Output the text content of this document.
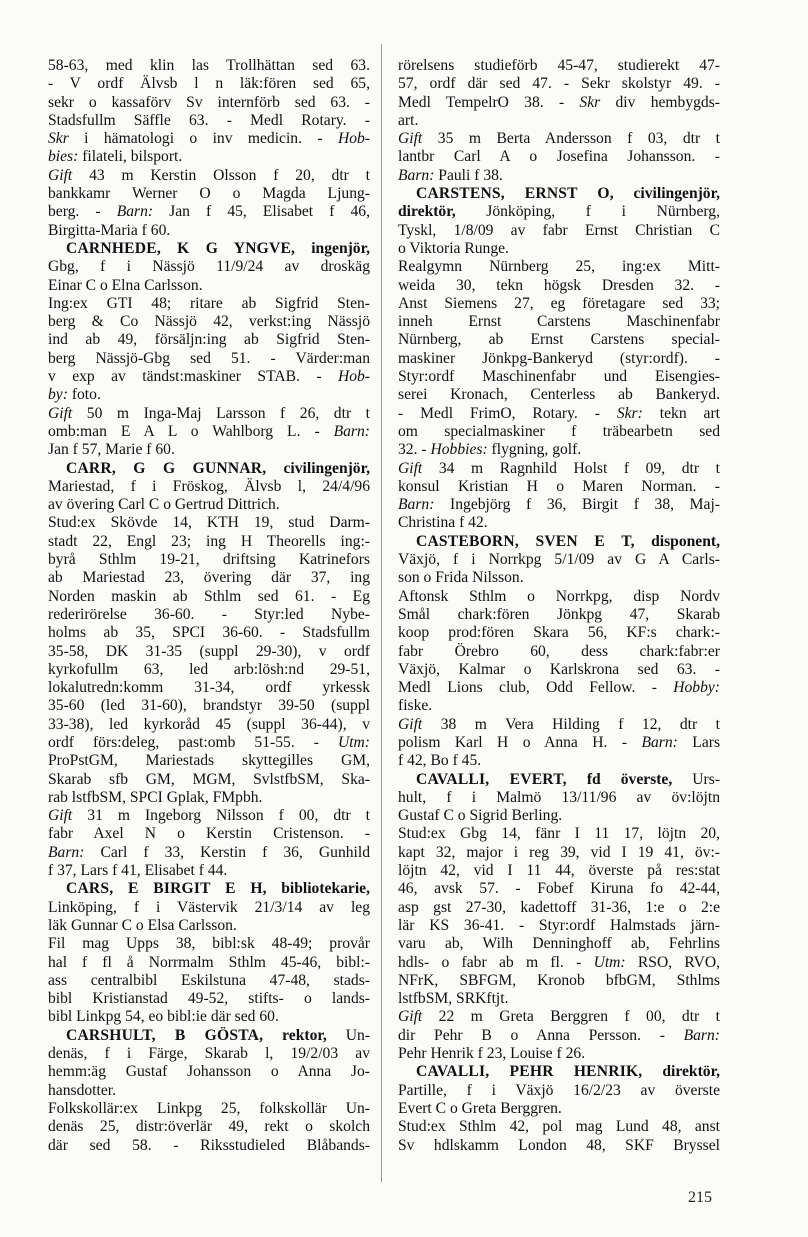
58-63, med klin las Trollhättan sed 63.
- V ordf Älvsb l n läk:fören sed 65,
sekr o kassaförv Sv internförb sed 63. -
Stadsfullm Säffle 63. - Medl Rotary. -
Skr i hämatologi o inv medicin. - Hob-
bies: filateli, bilsport.
Gift 43 m Kerstin Olsson f 20, dtr t
bankkamr Werner O o Magda Ljung-
berg. - Barn: Jan f 45, Elisabet f 46,
Birgitta-Maria f 60.
CARNHEDE, K G YNGVE, ingenjör,
Gbg, f i Nässjö 11/9/24 av droskäg
Einar C o Elna Carlsson.
Ing:ex GTI 48; ritare ab Sigfrid Sten-
berg & Co Nässjö 42, verkst:ing Nässjö
ind ab 49, försäljn:ing ab Sigfrid Sten-
berg Nässjö-Gbg sed 51. - Värder:man
v exp av tändst:maskiner STAB. - Hob-
by: foto.
Gift 50 m Inga-Maj Larsson f 26, dtr t
omb:man E A L o Wahlborg L. - Barn:
Jan f 57, Marie f 60.
CARR, G G GUNNAR, civilingenjör,
Mariestad, f i Fröskog, Älvsb l, 24/4/96
av övering Carl C o Gertrud Dittrich.
Stud:ex Skövde 14, KTH 19, stud Darm-
stadt 22, Engl 23; ing H Theorells ing:-
byrå Sthlm 19-21, driftsing Katrinefors
ab Mariestad 23, övering där 37, ing
Norden maskin ab Sthlm sed 61. - Eg
rederirörelse 36-60. - Styr:led Nybe-
holms ab 35, SPCI 36-60. - Stadsfullm
35-58, DK 31-35 (suppl 29-30), v ordf
kyrkofullm 63, led arb:lösh:nd 29-51,
lokalutredn:komm 31-34, ordf yrkessk
35-60 (led 31-60), brandstyr 39-50 (suppl
33-38), led kyrkoråd 45 (suppl 36-44), v
ordf förs:deleg, past:omb 51-55. - Utm:
ProPstGM, Mariestads skyttegilles GM,
Skarab sfb GM, MGM, SvlstfbSM, Ska-
rab lstfbSM, SPCI Gplak, FMpbh.
Gift 31 m Ingeborg Nilsson f 00, dtr t
fabr Axel N o Kerstin Cristenson. -
Barn: Carl f 33, Kerstin f 36, Gunhild
f 37, Lars f 41, Elisabet f 44.
CARS, E BIRGIT E H, bibliotekarie,
Linköping, f i Västervik 21/3/14 av leg
läk Gunnar C o Elsa Carlsson.
Fil mag Upps 38, bibl:sk 48-49; provår
hal f fl å Norrmalm Sthlm 45-46, bibl:-
ass centralbibl Eskilstuna 47-48, stads-
bibl Kristianstad 49-52, stifts- o lands-
bibl Linkpg 54, eo bibl:ie där sed 60.
CARSHULT, B GÖSTA, rektor, Un-
denäs, f i Färge, Skarab l, 19/2/03 av
hemm:äg Gustaf Johansson o Anna Jo-
hansdotter.
Folkskollär:ex Linkpg 25, folkskollär Un-
denäs 25, distr:överlär 49, rekt o skolch
där sed 58. - Riksstudieled Blåbands-
rörelsens studieförb 45-47, studierekt 47-
57, ordf där sed 47. - Sekr skolstyr 49. -
Medl TempelrO 38. - Skr div hembygds-
art.
Gift 35 m Berta Andersson f 03, dtr t
lantbr Carl A o Josefina Johansson. -
Barn: Pauli f 38.
CARSTENS, ERNST O, civilingenjör,
direktör, Jönköping, f i Nürnberg,
Tyskl, 1/8/09 av fabr Ernst Christian C
o Viktoria Runge.
Realgymn Nürnberg 25, ing:ex Mitt-
weida 30, tekn högsk Dresden 32. -
Anst Siemens 27, eg företagare sed 33;
inneh Ernst Carstens Maschinenfabr
Nürnberg, ab Ernst Carstens special-
maskiner Jönkpg-Bankeryd (styr:ordf). -
Styr:ordf Maschinenfabr und Eisengies-
serei Kronach, Centerless ab Bankeryd.
- Medl FrimO, Rotary. - Skr: tekn art
om specialmaskiner f träbearbetn sed
32. - Hobbies: flygning, golf.
Gift 34 m Ragnhild Holst f 09, dtr t
konsul Kristian H o Maren Norman. -
Barn: Ingebjörg f 36, Birgit f 38, Maj-
Christina f 42.
CASTEBORN, SVEN E T, disponent,
Växjö, f i Norrkpg 5/1/09 av G A Carls-
son o Frida Nilsson.
Aftonsk Sthlm o Norrkpg, disp Nordv
Smål chark:fören Jönkpg 47, Skarab
koop prod:fören Skara 56, KF:s chark:-
fabr Örebro 60, dess chark:fabr:er
Växjö, Kalmar o Karlskrona sed 63. -
Medl Lions club, Odd Fellow. - Hobby:
fiske.
Gift 38 m Vera Hilding f 12, dtr t
polism Karl H o Anna H. - Barn: Lars
f 42, Bo f 45.
CAVALLI, EVERT, fd överste, Urs-
hult, f i Malmö 13/11/96 av öv:löjtn
Gustaf C o Sigrid Berling.
Stud:ex Gbg 14, fänr I 11 17, löjtn 20,
kapt 32, major i reg 39, vid I 19 41, öv:-
löjtn 42, vid I 11 44, överste på res:stat
46, avsk 57. - Fobef Kiruna fo 42-44,
asp gst 27-30, kadettoff 31-36, 1:e o 2:e
lär KS 36-41. - Styr:ordf Halmstads järn-
varu ab, Wilh Denninghoff ab, Fehrlins
hdls- o fabr ab m fl. - Utm: RSO, RVO,
NFrK, SBFGM, Kronob bfbGM, Sthlms
lstfbSM, SRKftjt.
Gift 22 m Greta Berggren f 00, dtr t
dir Pehr B o Anna Persson. - Barn:
Pehr Henrik f 23, Louise f 26.
CAVALLI, PEHR HENRIK, direktör,
Partille, f i Växjö 16/2/23 av överste
Evert C o Greta Berggren.
Stud:ex Sthlm 42, pol mag Lund 48, anst
Sv hdlskamm London 48, SKF Bryssel
215
